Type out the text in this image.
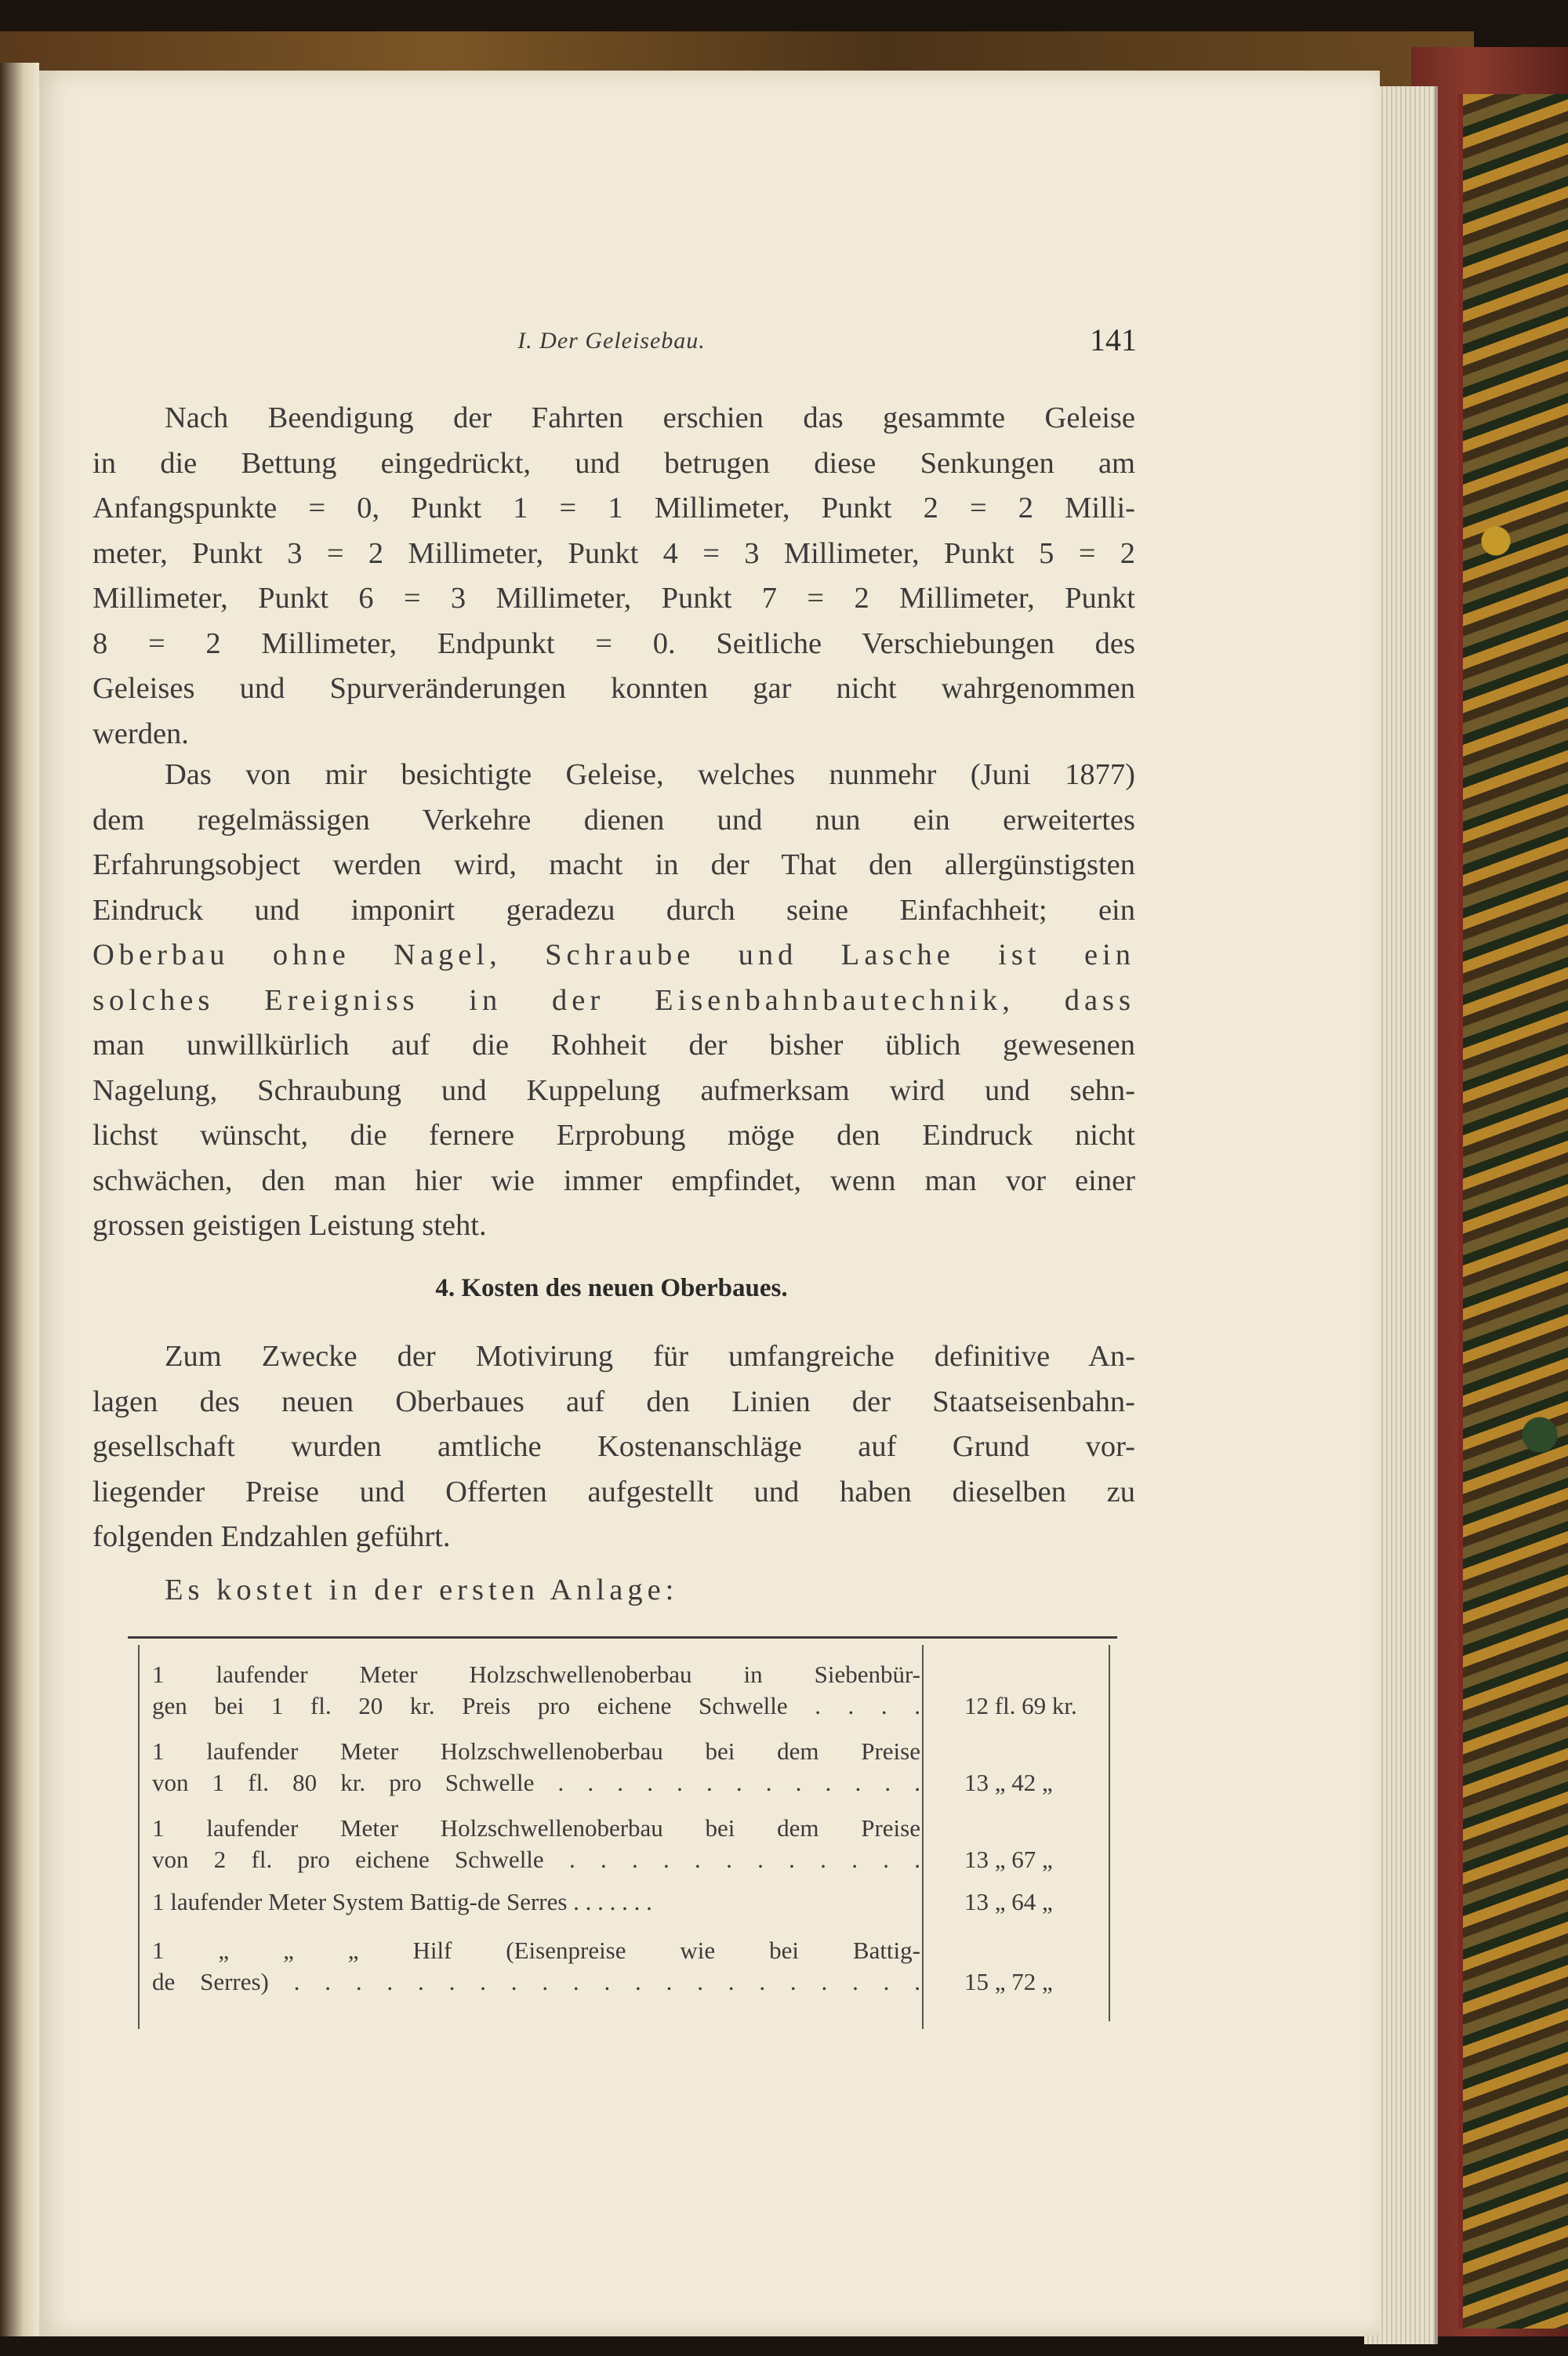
I. Der Geleisebau.	141
Nach Beendigung der Fahrten erschien das gesammte Geleise
in die Bettung eingedrückt, und betrugen diese Senkungen am
Anfangspunkte = 0, Punkt 1 = 1 Millimeter, Punkt 2 = 2 Milli-
meter, Punkt 3 = 2 Millimeter, Punkt 4 = 3 Millimeter, Punkt 5 = 2
Millimeter, Punkt 6 = 3 Millimeter, Punkt 7 = 2 Millimeter, Punkt
8 = 2 Millimeter, Endpunkt = 0. Seitliche Verschiebungen des
Geleises und Spurveränderungen konnten gar nicht wahrgenommen
werden.
Das von mir besichtigte Geleise, welches nunmehr (Juni 1877)
dem regelmässigen Verkehre dienen und nun ein erweitertes
Erfahrungsobject werden wird, macht in der That den allergünstigsten
Eindruck und imponirt geradezu durch seine Einfachheit; ein
Oberbau ohne Nagel, Schraube und Lasche ist ein
solches Ereigniss in der Eisenbahnbautechnik, dass
man unwillkürlich auf die Rohheit der bisher üblich gewesenen
Nagelung, Schraubung und Kuppelung aufmerksam wird und sehn-
lichst wünscht, die fernere Erprobung möge den Eindruck nicht
schwächen, den man hier wie immer empfindet, wenn man vor einer
grossen geistigen Leistung steht.
4. Kosten des neuen Oberbaues.
Zum Zwecke der Motivirung für umfangreiche definitive An-
lagen des neuen Oberbaues auf den Linien der Staatseisenbahn-
gesellschaft wurden amtliche Kostenanschläge auf Grund vor-
liegender Preise und Offerten aufgestellt und haben dieselben zu
folgenden Endzahlen geführt.
Es kostet in der ersten Anlage:
1 laufender Meter Holzschwellenoberbau in Siebenbür-
gen bei 1 fl. 20 kr. Preis pro eichene Schwelle . . . . 12 fl. 69 kr.
1 laufender Meter Holzschwellenoberbau bei dem Preise
von 1 fl. 80 kr. pro Schwelle . . . . . . . . . . . . . 13 „ 42 „
1 laufender Meter Holzschwellenoberbau bei dem Preise
von 2 fl. pro eichene Schwelle . . . . . . . . . . . . 13 „ 67 „
1 laufender Meter System Battig-de Serres . . . . . . .	13 „ 64 „
1 „ „ „ Hilf (Eisenpreise wie bei Battig-
de Serres) . . . . . . . . . . . . . . . . . . . . . 15 „ 72 „
